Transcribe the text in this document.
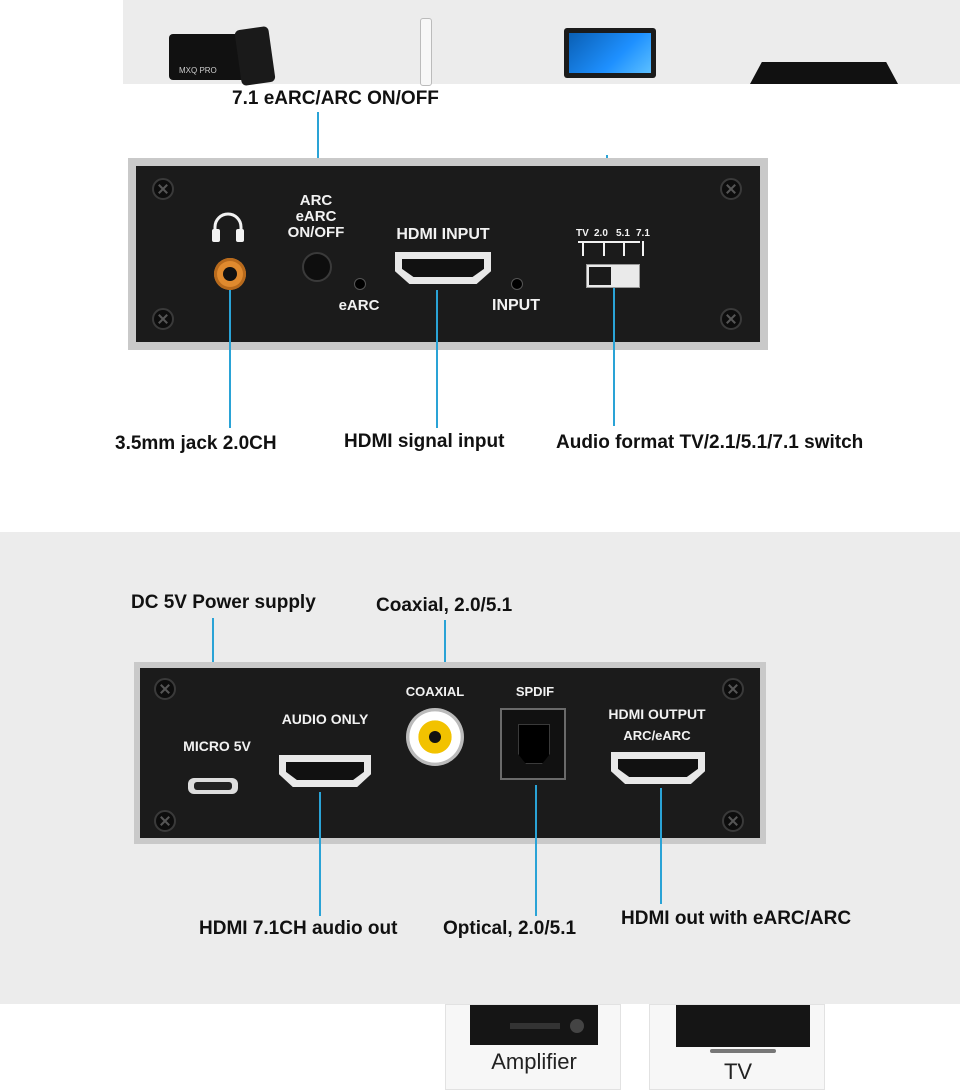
MXQ PRO
7.1 eARC/ARC ON/OFF
ARC
eARC
ON/OFF
eARC
HDMI INPUT
INPUT
TV 2.0 5.1 7.1
3.5mm jack 2.0CH	HDMI signal input	Audio format TV/2.1/5.1/7.1 switch
DC 5V Power supply	Coaxial, 2.0/5.1
MICRO 5V
AUDIO ONLY
COAXIAL	SPDIF
HDMI OUTPUT
ARC/eARC
HDMI 7.1CH audio out Optical, 2.0/5.1 HDMI out with eARC/ARC
Amplifier	TV
